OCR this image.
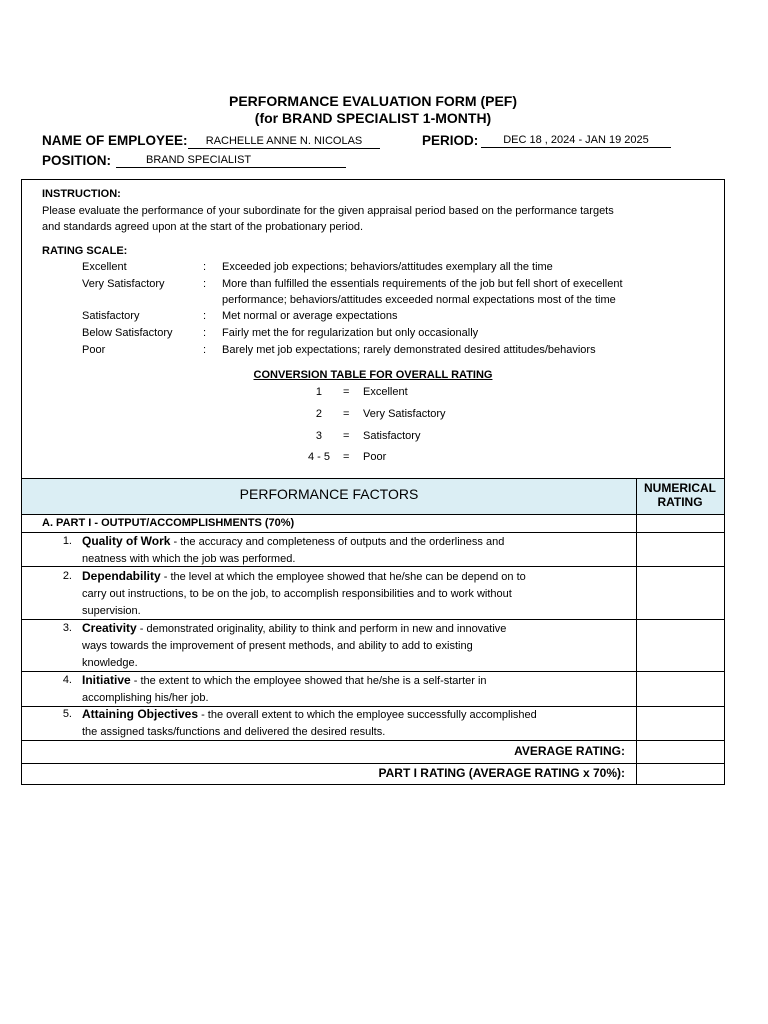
PERFORMANCE EVALUATION FORM (PEF)
(for BRAND SPECIALIST 1-MONTH)
NAME OF EMPLOYEE:	RACHELLE ANNE N. NICOLAS	PERIOD:	DEC 18 , 2024 - JAN 19 2025
POSITION:	BRAND SPECIALIST
INSTRUCTION:
Please evaluate the performance of your subordinate for the given appraisal period based on the performance targets
and standards agreed upon at the start of the probationary period.
RATING SCALE:
Excellent	: Exceeded job expections; behaviors/attitudes exemplary all the time
Very Satisfactory	: More than fulfilled the essentials requirements of the job but fell short of execellent
performance; behaviors/attitudes exceeded normal expectations most of the time
Satisfactory	: Met normal or average expectations
Below Satisfactory	: Fairly met the for regularization but only occasionally
Poor	: Barely met job expectations; rarely demonstrated desired attitudes/behaviors
CONVERSION TABLE FOR OVERALL RATING
1 = Excellent
2 = Very Satisfactory
3 = Satisfactory
4 - 5 = Poor
PERFORMANCE FACTORS	NUMERICAL
RATING
A. PART I - OUTPUT/ACCOMPLISHMENTS (70%)
1. Quality of Work - the accuracy and completeness of outputs and the orderliness and
neatness with which the job was performed.
2. Dependability - the level at which the employee showed that he/she can be depend on to
carry out instructions, to be on the job, to accomplish responsibilities and to work without
supervision.
3. Creativity - demonstrated originality, ability to think and perform in new and innovative
ways towards the improvement of present methods, and ability to add to existing
knowledge.
4. Initiative - the extent to which the employee showed that he/she is a self-starter in
accomplishing his/her job.
5. Attaining Objectives - the overall extent to which the employee successfully accomplished
the assigned tasks/functions and delivered the desired results.
AVERAGE RATING:
PART I RATING (AVERAGE RATING x 70%):
